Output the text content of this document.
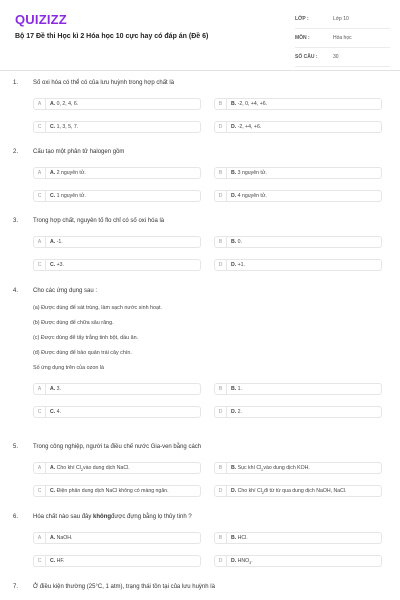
QUIZIZZ
Bộ 17 Đề thi Học kì 2 Hóa học 10 cực hay có đáp án (Đề 6)
LỚP :	Lớp 10
MÔN :	Hóa học
SỐ CÂU :	30
1. Số oxi hóa có thể có của lưu huỳnh trong hợp chất là
A	A. 0, 2, 4, 6.	B	B. -2, 0, +4, +6.
C	C. 1, 3, 5, 7.	D	D. -2, +4, +6.
2. Cấu tạo một phân tử halogen gồm
A	A. 2 nguyên tử.	B	B. 3 nguyên tử.
C	C. 1 nguyên tử.	D	D. 4 nguyên tử.
3. Trong hợp chất, nguyên tố flo chỉ có số oxi hóa là
A	A. -1.	B	B. 0.
C	C. +3.	D	D. +1.
4. Cho các ứng dụng sau :
(a) Được dùng để sát trùng, làm sạch nước sinh hoạt.
(b) Được dùng để chữa sâu răng.
(c) Được dùng để tẩy trắng tinh bột, dầu ăn.
(d) Được dùng để bảo quản trái cây chín.
Số ứng dụng trên của ozon là
A	A. 3.	B	B. 1.
C	C. 4.	D	D. 2.
5. Trong công nghiệp, người ta điều chế nước Gia-ven bằng cách
A	A. Cho khí $Cl_2vào$ dung dịch NaCl.	B	B. Sục khí $Cl_2vào$ dung dịch KOH.
C	C. Điện phân dung dịch NaCl không có màng ngăn.	D	D. Cho khí $Cl_2đi$ từ từ qua dung dịch NaOH, NaCl.
6. Hóa chất nào sau đây khôngđược đựng bằng lọ thủy tinh ?
A	A. NaOH.	B	B. HCl.
C	C. HF.	D	D. $HNO_3$.
7. Ở điều kiện thường (25°C, 1 atm), trạng thái tồn tại của lưu huỳnh là
